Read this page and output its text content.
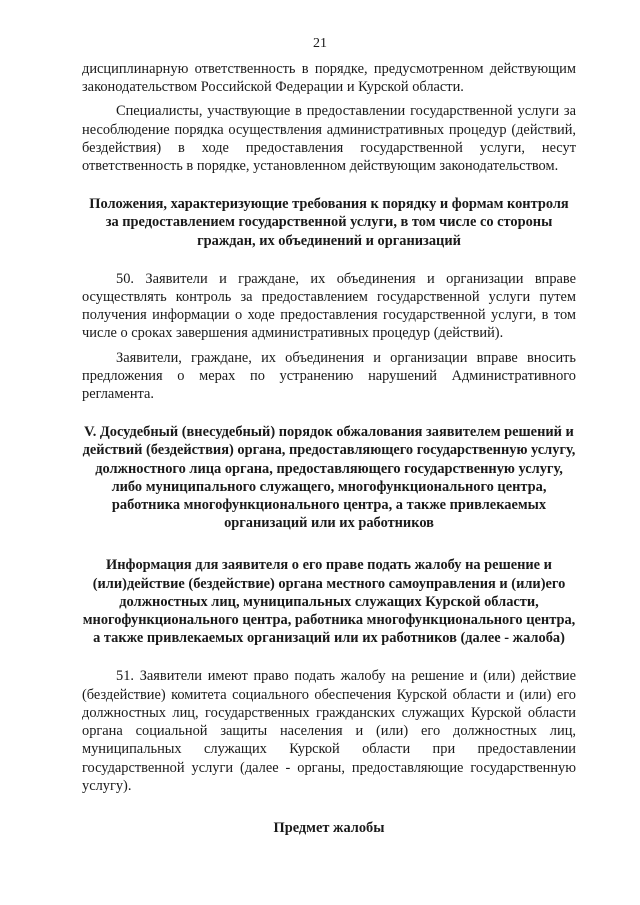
21

дисциплинарную ответственность в порядке, предусмотренном действующим законодательством Российской Федерации и Курской области.

Специалисты, участвующие в предоставлении государственной услуги за несоблюдение порядка осуществления административных процедур (действий, бездействия) в ходе предоставления государственной услуги, несут ответственность в порядке, установленном действующим законодательством.

Положения, характеризующие требования к порядку и формам контроля за предоставлением государственной услуги, в том числе со стороны граждан, их объединений и организаций

50. Заявители и граждане, их объединения и организации вправе осуществлять контроль за предоставлением государственной услуги путем получения информации о ходе предоставления государственной услуги, в том числе о сроках завершения административных процедур (действий).

Заявители, граждане, их объединения и организации вправе вносить предложения о мерах по устранению нарушений Административного регламента.

V. Досудебный (внесудебный) порядок обжалования заявителем решений и действий (бездействия) органа, предоставляющего государственную услугу, должностного лица органа, предоставляющего государственную услугу, либо муниципального служащего, многофункционального центра, работника многофункционального центра, а также привлекаемых организаций или их работников

Информация для заявителя о его праве подать жалобу на решение и (или)действие (бездействие) органа местного самоуправления и (или)его должностных лиц, муниципальных служащих Курской области, многофункционального центра, работника многофункционального центра, а также привлекаемых организаций или их работников (далее - жалоба)

51. Заявители имеют право подать жалобу на решение и (или) действие (бездействие) комитета социального обеспечения Курской области и (или) его должностных лиц, государственных гражданских служащих Курской области органа социальной защиты населения и (или) его должностных лиц, муниципальных служащих Курской области при предоставлении государственной услуги (далее - органы, предоставляющие государственную услугу).

Предмет жалобы
